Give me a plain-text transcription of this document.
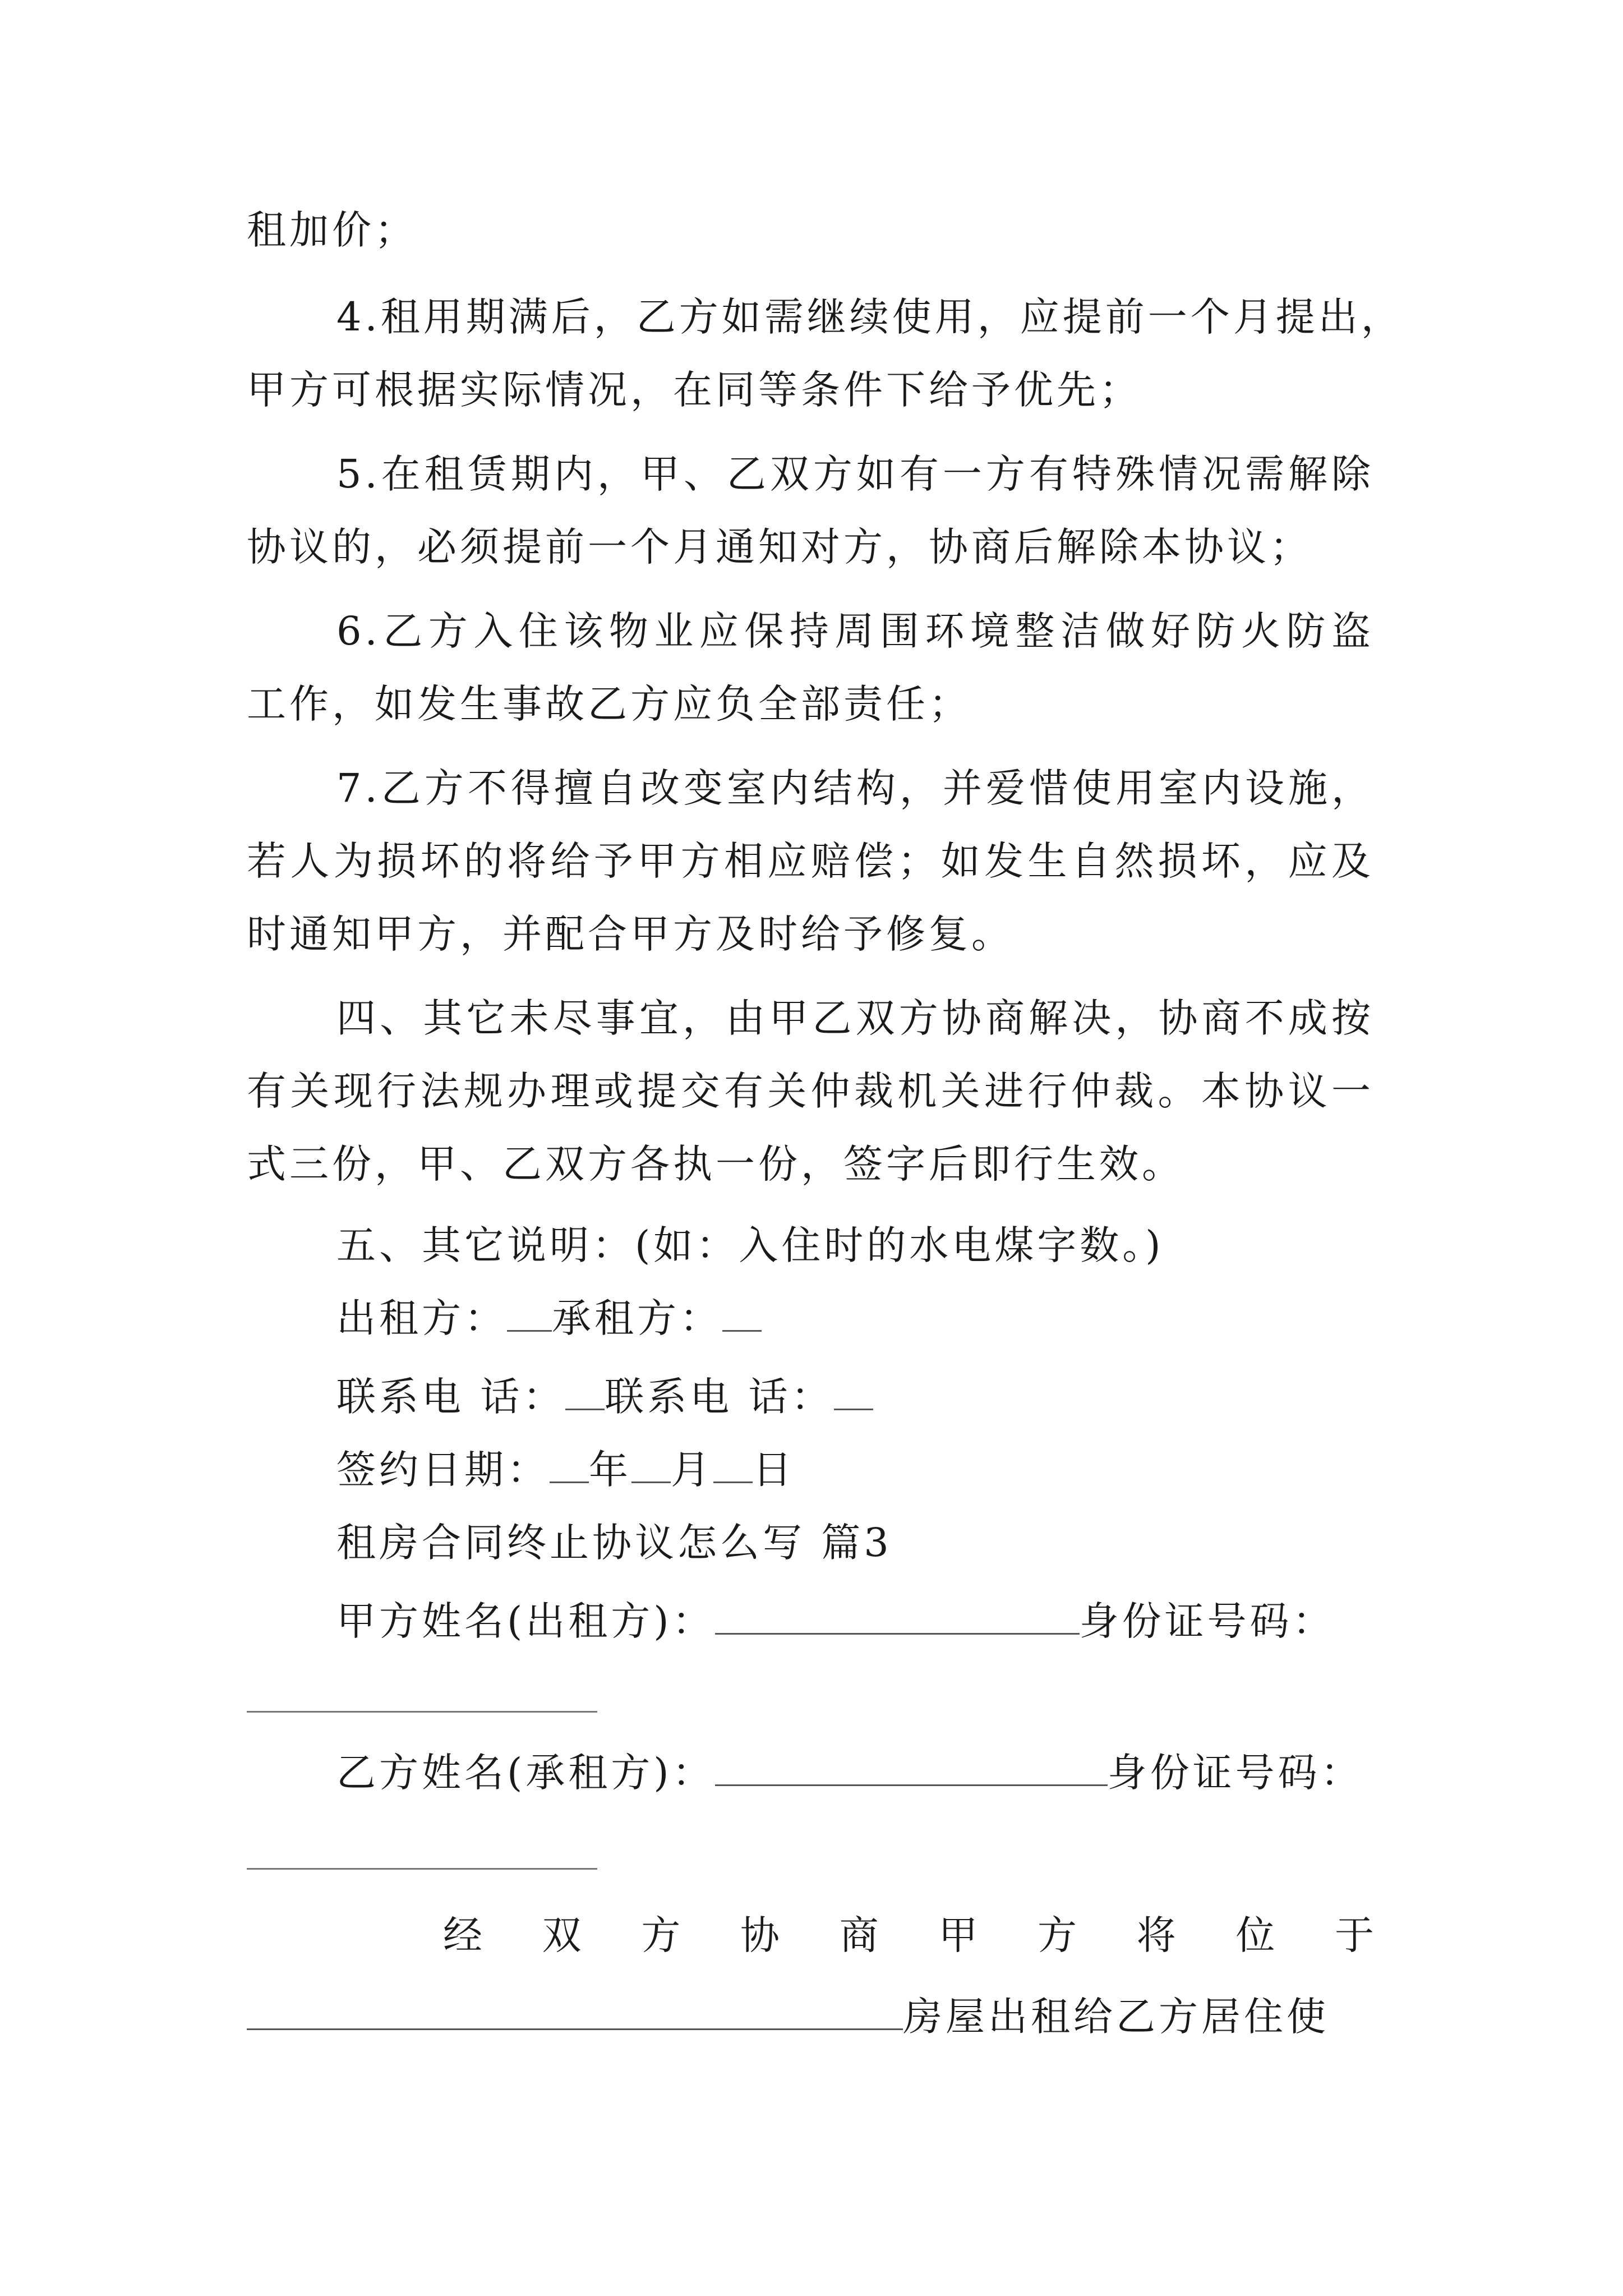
租加价；
4.租用期满后，乙方如需继续使用，应提前一个月提出，
甲方可根据实际情况，在同等条件下给予优先；
5.在租赁期内，甲、乙双方如有一方有特殊情况需解除
协议的，必须提前一个月通知对方，协商后解除本协议；
6.乙方入住该物业应保持周围环境整洁做好防火防盗
工作，如发生事故乙方应负全部责任；
7.乙方不得擅自改变室内结构，并爱惜使用室内设施，
若人为损坏的将给予甲方相应赔偿；如发生自然损坏，应及
时通知甲方，并配合甲方及时给予修复。
四、其它未尽事宜，由甲乙双方协商解决，协商不成按
有关现行法规办理或提交有关仲裁机关进行仲裁。本协议一
式三份，甲、乙双方各执一份，签字后即行生效。
五、其它说明：(如：入住时的水电煤字数。)
出租方： 承租方：
联系电 话： 联系电 话：
签约日期： 年 月 日
租房合同终止协议怎么写 篇3
甲方姓名(出租方)：	身份证号码：
乙方姓名(承租方)：	身份证号码：
经双方协商甲方将位于
房屋出租给乙方居住使
